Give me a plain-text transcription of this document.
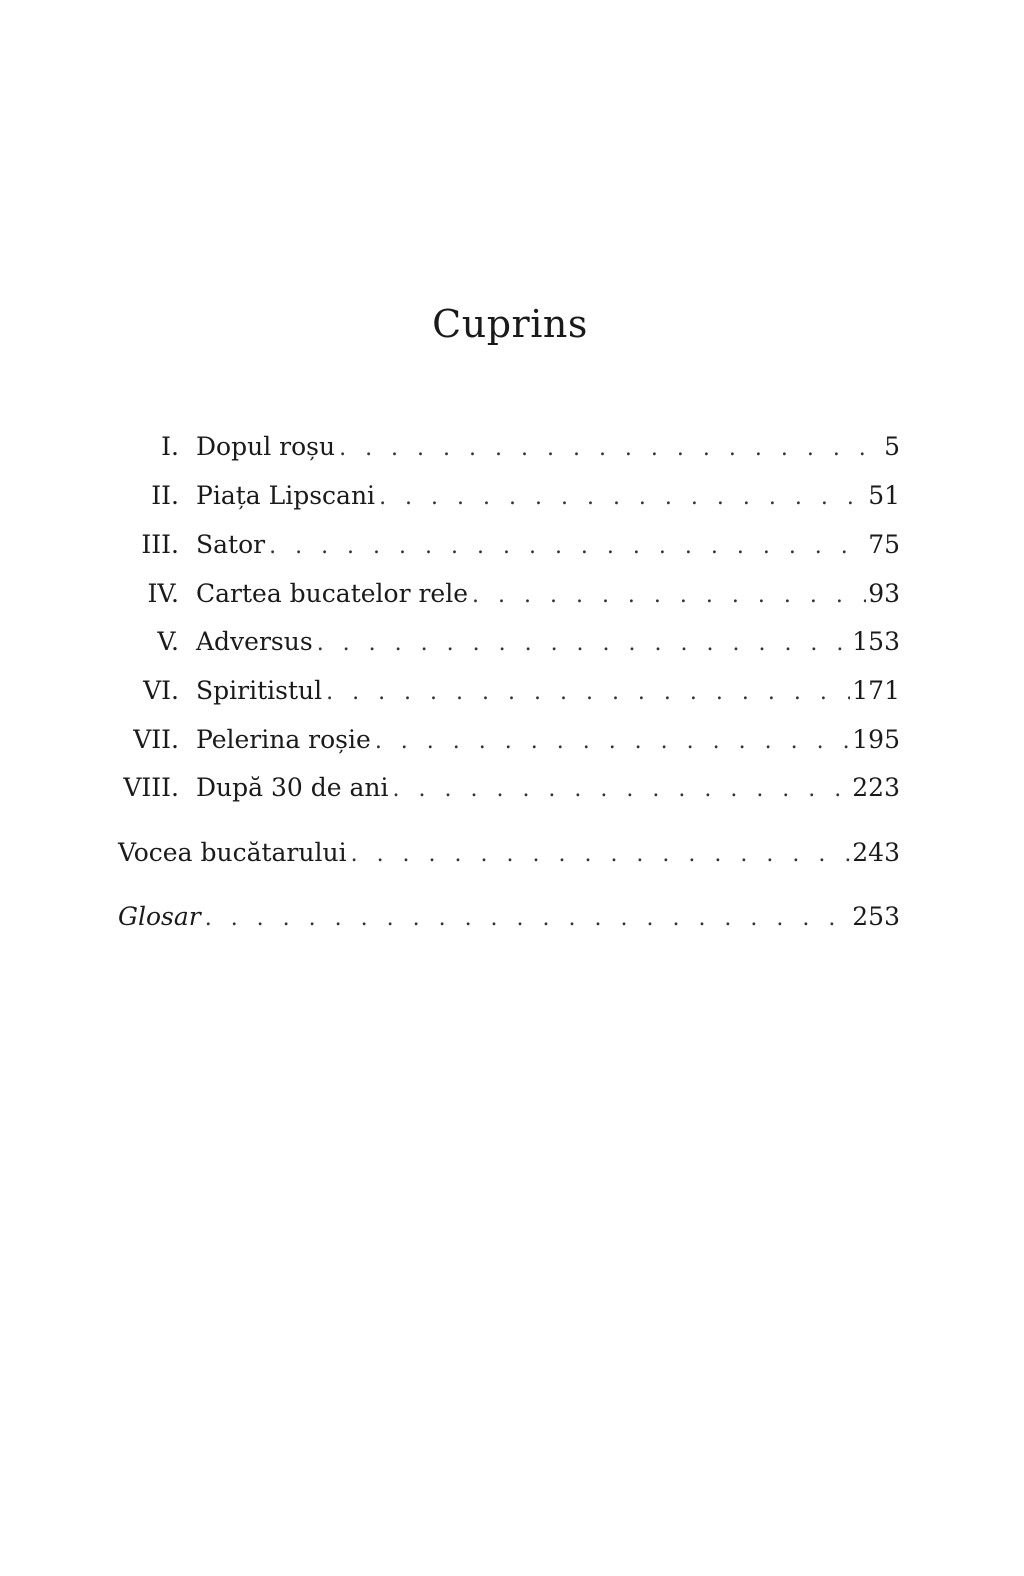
Cuprins
I. Dopul roșu . . .	5
II. Piața Lipscani . . .	51
III. Sator . . .	75
IV. Cartea bucatelor rele . . .	93
V. Adversus . . .	153
VI. Spiritistul . . .	171
VII. Pelerina roșie . . .	195
VIII. După 30 de ani . . .	223
Vocea bucătarului . . .	243
Glosar . . .	253
